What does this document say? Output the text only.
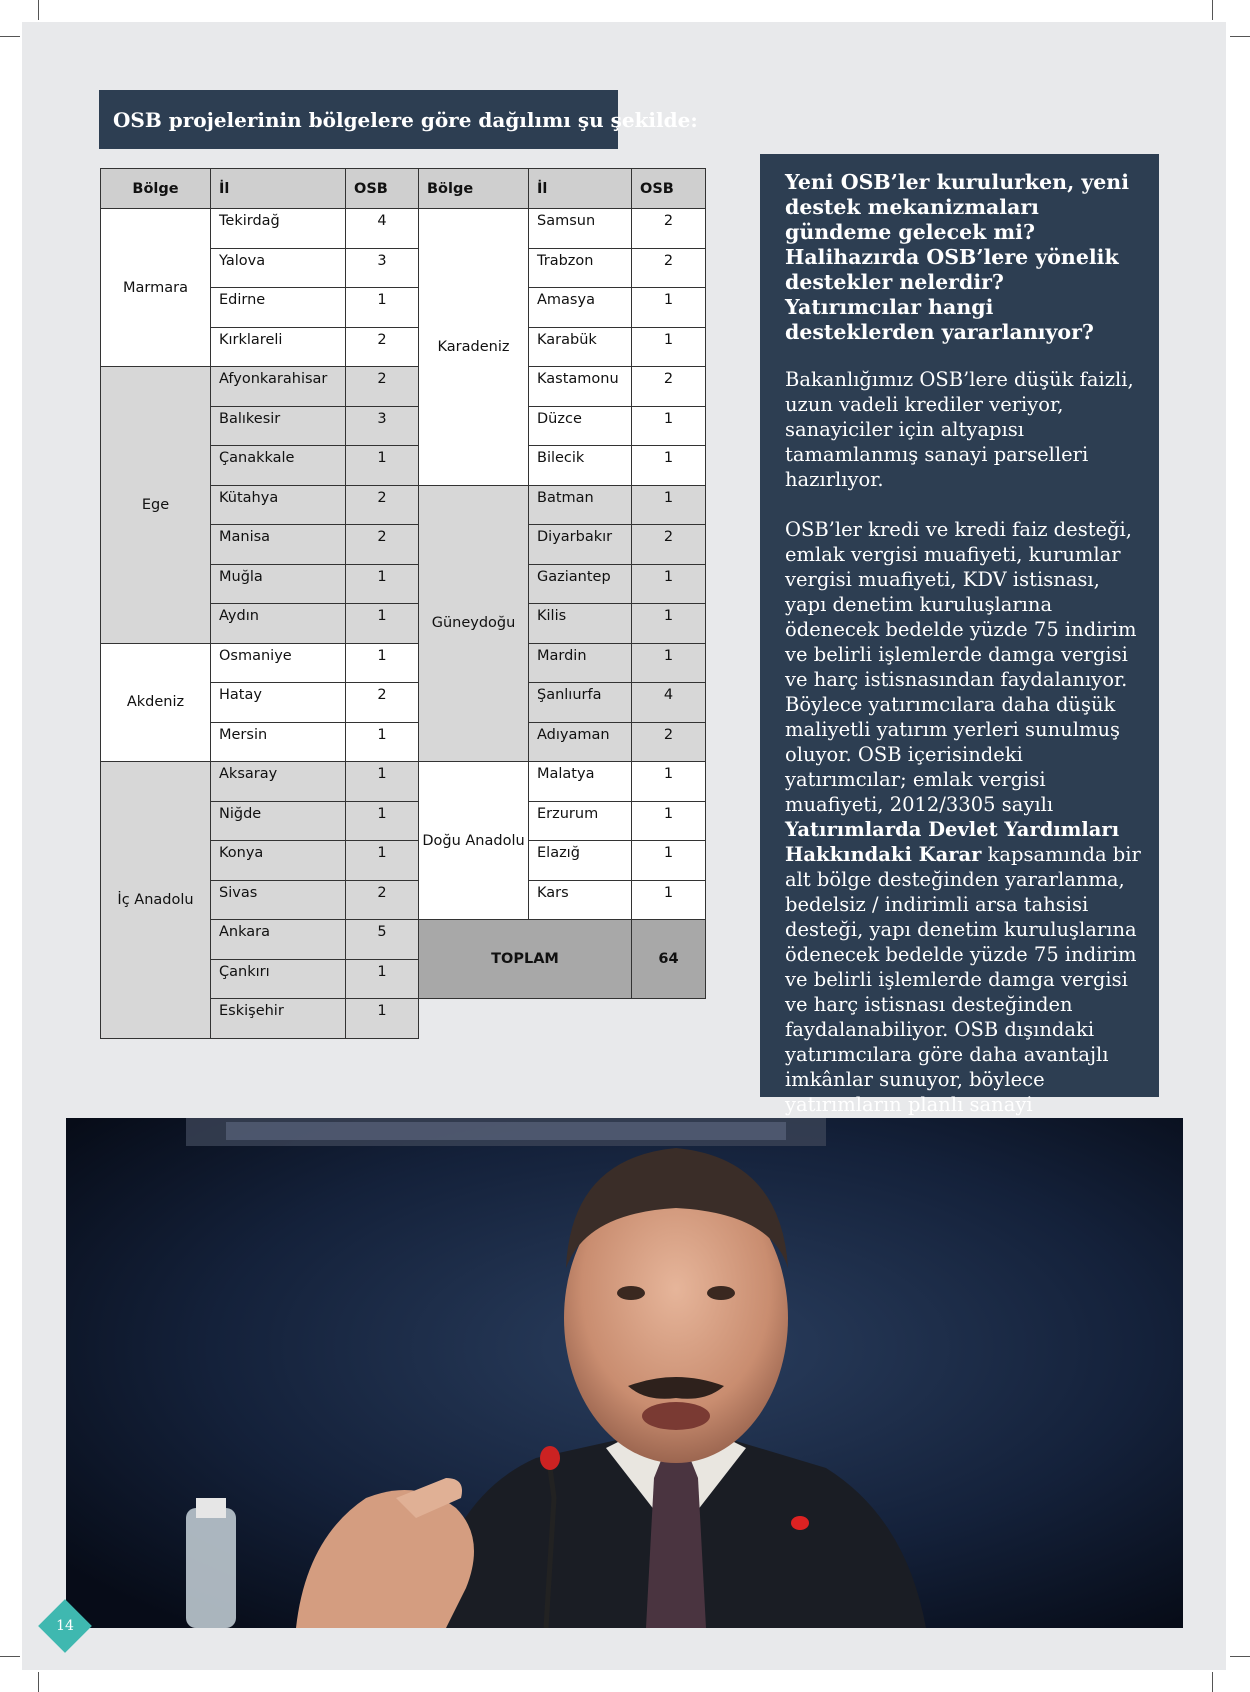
OSB projelerinin bölgelere göre dağılımı şu şekilde:
Bölge	İl	OSB	Bölge	İl	OSB
Marmara	Tekirdağ	4	Karadeniz	Samsun	2
	Yalova	3		Trabzon	2
	Edirne	1		Amasya	1
	Kırklareli	2		Karabük	1
Ege	Afyonkarahisar	2		Kastamonu	2
	Balıkesir	3		Düzce	1
	Çanakkale	1		Bilecik	1
	Kütahya	2	Güneydoğu	Batman	1
	Manisa	2		Diyarbakır	2
	Muğla	1		Gaziantep	1
	Aydın	1		Kilis	1
Akdeniz	Osmaniye	1		Mardin	1
	Hatay	2		Şanlıurfa	4
	Mersin	1		Adıyaman	2
İç Anadolu	Aksaray	1	Doğu Anadolu	Malatya	1
	Niğde	1		Erzurum	1
	Konya	1		Elazığ	1
	Sivas	2		Kars	1
	Ankara	5	TOPLAM		64
	Çankırı	1			
	Eskişehir	1			

Yeni OSB’ler kurulurken, yeni destek mekanizmaları gündeme gelecek mi? Halihazırda OSB’lere yönelik destekler nelerdir? Yatırımcılar hangi desteklerden yararlanıyor?

Bakanlığımız OSB’lere düşük faizli, uzun vadeli krediler veriyor, sanayiciler için altyapısı tamamlanmış sanayi parselleri hazırlıyor.

OSB’ler kredi ve kredi faiz desteği, emlak vergisi muafiyeti, kurumlar vergisi muafiyeti, KDV istisnası, yapı denetim kuruluşlarına ödenecek bedelde yüzde 75 indirim ve belirli işlemlerde damga vergisi ve harç istisnasından faydalanıyor. Böylece yatırımcılara daha düşük maliyetli yatırım yerleri sunulmuş oluyor. OSB içerisindeki yatırımcılar; emlak vergisi muafiyeti, 2012/3305 sayılı Yatırımlarda Devlet Yardımları Hakkındaki Karar kapsamında bir alt bölge desteğinden yararlanma, bedelsiz / indirimli arsa tahsisi desteği, yapı denetim kuruluşlarına ödenecek bedelde yüzde 75 indirim ve belirli işlemlerde damga vergisi ve harç istisnası desteğinden faydalanabiliyor. OSB dışındaki yatırımcılara göre daha avantajlı imkânlar sunuyor, böylece yatırımların planlı sanayi

14
